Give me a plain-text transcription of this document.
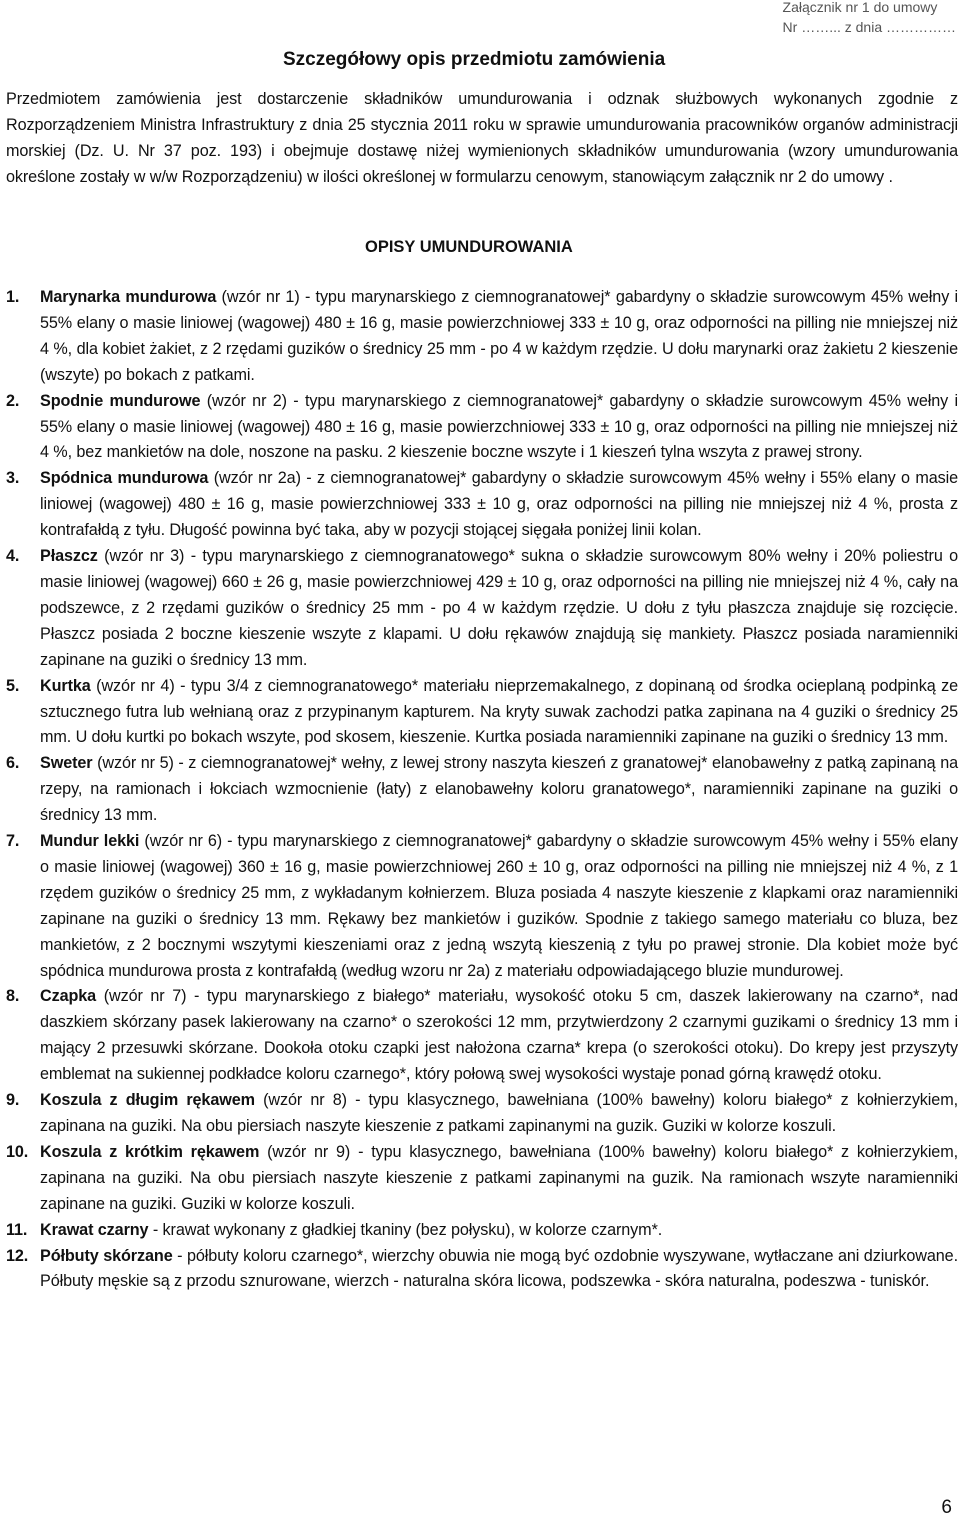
Załącznik nr 1 do umowy
Nr ……... z dnia ……………
Szczegółowy opis przedmiotu zamówienia

Przedmiotem zamówienia jest dostarczenie składników umundurowania i odznak służbowych wykonanych zgodnie z Rozporządzeniem Ministra Infrastruktury z dnia 25 stycznia 2011 roku w sprawie umundurowania pracowników organów administracji morskiej (Dz. U. Nr 37 poz. 193) i obejmuje dostawę niżej wymienionych składników umundurowania (wzory umundurowania określone zostały w w/w Rozporządzeniu) w ilości określonej w formularzu cenowym, stanowiącym załącznik nr 2 do umowy .

OPISY UMUNDUROWANIA
1. Marynarka mundurowa (wzór nr 1) - typu marynarskiego z ciemnogranatowej* gabardyny o składzie surowcowym 45% wełny i 55% elany o masie liniowej (wagowej) 480 ± 16 g, masie powierzchniowej 333 ± 10 g, oraz odporności na pilling nie mniejszej niż 4 %, dla kobiet żakiet, z 2 rzędami guzików o średnicy 25 mm - po 4 w każdym rzędzie. U dołu marynarki oraz żakietu 2 kieszenie (wszyte) po bokach z patkami.
2. Spodnie mundurowe (wzór nr 2) - typu marynarskiego z ciemnogranatowej* gabardyny o składzie surowcowym 45% wełny i 55% elany o masie liniowej (wagowej) 480 ± 16 g, masie powierzchniowej 333 ± 10 g, oraz odporności na pilling nie mniejszej niż 4 %, bez mankietów na dole, noszone na pasku. 2 kieszenie boczne wszyte i 1 kieszeń tylna wszyta z prawej strony.
3. Spódnica mundurowa (wzór nr 2a) - z ciemnogranatowej* gabardyny o składzie surowcowym 45% wełny i 55% elany o masie liniowej (wagowej) 480 ± 16 g, masie powierzchniowej 333 ± 10 g, oraz odporności na pilling nie mniejszej niż 4 %, prosta z kontrafałdą z tyłu. Długość powinna być taka, aby w pozycji stojącej sięgała poniżej linii kolan.
4. Płaszcz (wzór nr 3) - typu marynarskiego z ciemnogranatowego* sukna o składzie surowcowym 80% wełny i 20% poliestru o masie liniowej (wagowej) 660 ± 26 g, masie powierzchniowej 429 ± 10 g, oraz odporności na pilling nie mniejszej niż 4 %, cały na podszewce, z 2 rzędami guzików o średnicy 25 mm - po 4 w każdym rzędzie. U dołu z tyłu płaszcza znajduje się rozcięcie. Płaszcz posiada 2 boczne kieszenie wszyte z klapami. U dołu rękawów znajdują się mankiety. Płaszcz posiada naramienniki zapinane na guziki o średnicy 13 mm.
5. Kurtka (wzór nr 4) - typu 3/4 z ciemnogranatowego* materiału nieprzemakalnego, z dopinaną od środka ocieplaną podpinką ze sztucznego futra lub wełnianą oraz z przypinanym kapturem. Na kryty suwak zachodzi patka zapinana na 4 guziki o średnicy 25 mm. U dołu kurtki po bokach wszyte, pod skosem, kieszenie. Kurtka posiada naramienniki zapinane na guziki o średnicy 13 mm.
6. Sweter (wzór nr 5) - z ciemnogranatowej* wełny, z lewej strony naszyta kieszeń z granatowej* elanobawełny z patką zapinaną na rzepy, na ramionach i łokciach wzmocnienie (łaty) z elanobawełny koloru granatowego*, naramienniki zapinane na guziki o średnicy 13 mm.
7. Mundur lekki (wzór nr 6) - typu marynarskiego z ciemnogranatowej* gabardyny o składzie surowcowym 45% wełny i 55% elany o masie liniowej (wagowej) 360 ± 16 g, masie powierzchniowej 260 ± 10 g, oraz odporności na pilling nie mniejszej niż 4 %, z 1 rzędem guzików o średnicy 25 mm, z wykładanym kołnierzem. Bluza posiada 4 naszyte kieszenie z klapkami oraz naramienniki zapinane na guziki o średnicy 13 mm. Rękawy bez mankietów i guzików. Spodnie z takiego samego materiału co bluza, bez mankietów, z 2 bocznymi wszytymi kieszeniami oraz z jedną wszytą kieszenią z tyłu po prawej stronie. Dla kobiet może być spódnica mundurowa prosta z kontrafałdą (według wzoru nr 2a) z materiału odpowiadającego bluzie mundurowej.
8. Czapka (wzór nr 7) - typu marynarskiego z białego* materiału, wysokość otoku 5 cm, daszek lakierowany na czarno*, nad daszkiem skórzany pasek lakierowany na czarno* o szerokości 12 mm, przytwierdzony 2 czarnymi guzikami o średnicy 13 mm i mający 2 przesuwki skórzane. Dookoła otoku czapki jest nałożona czarna* krepa (o szerokości otoku). Do krepy jest przyszyty emblemat na sukiennej podkładce koloru czarnego*, który połową swej wysokości wystaje ponad górną krawędź otoku.
9. Koszula z długim rękawem (wzór nr 8) - typu klasycznego, bawełniana (100% bawełny) koloru białego* z kołnierzykiem, zapinana na guziki. Na obu piersiach naszyte kieszenie z patkami zapinanymi na guzik. Guziki w kolorze koszuli.
10. Koszula z krótkim rękawem (wzór nr 9) - typu klasycznego, bawełniana (100% bawełny) koloru białego* z kołnierzykiem, zapinana na guziki. Na obu piersiach naszyte kieszenie z patkami zapinanymi na guzik. Na ramionach wszyte naramienniki zapinane na guziki. Guziki w kolorze koszuli.
11. Krawat czarny - krawat wykonany z gładkiej tkaniny (bez połysku), w kolorze czarnym*.
12. Półbuty skórzane - półbuty koloru czarnego*, wierzchy obuwia nie mogą być ozdobnie wyszywane, wytłaczane ani dziurkowane. Półbuty męskie są z przodu sznurowane, wierzch - naturalna skóra licowa, podszewka - skóra naturalna, podeszwa - tuniskór.
6
